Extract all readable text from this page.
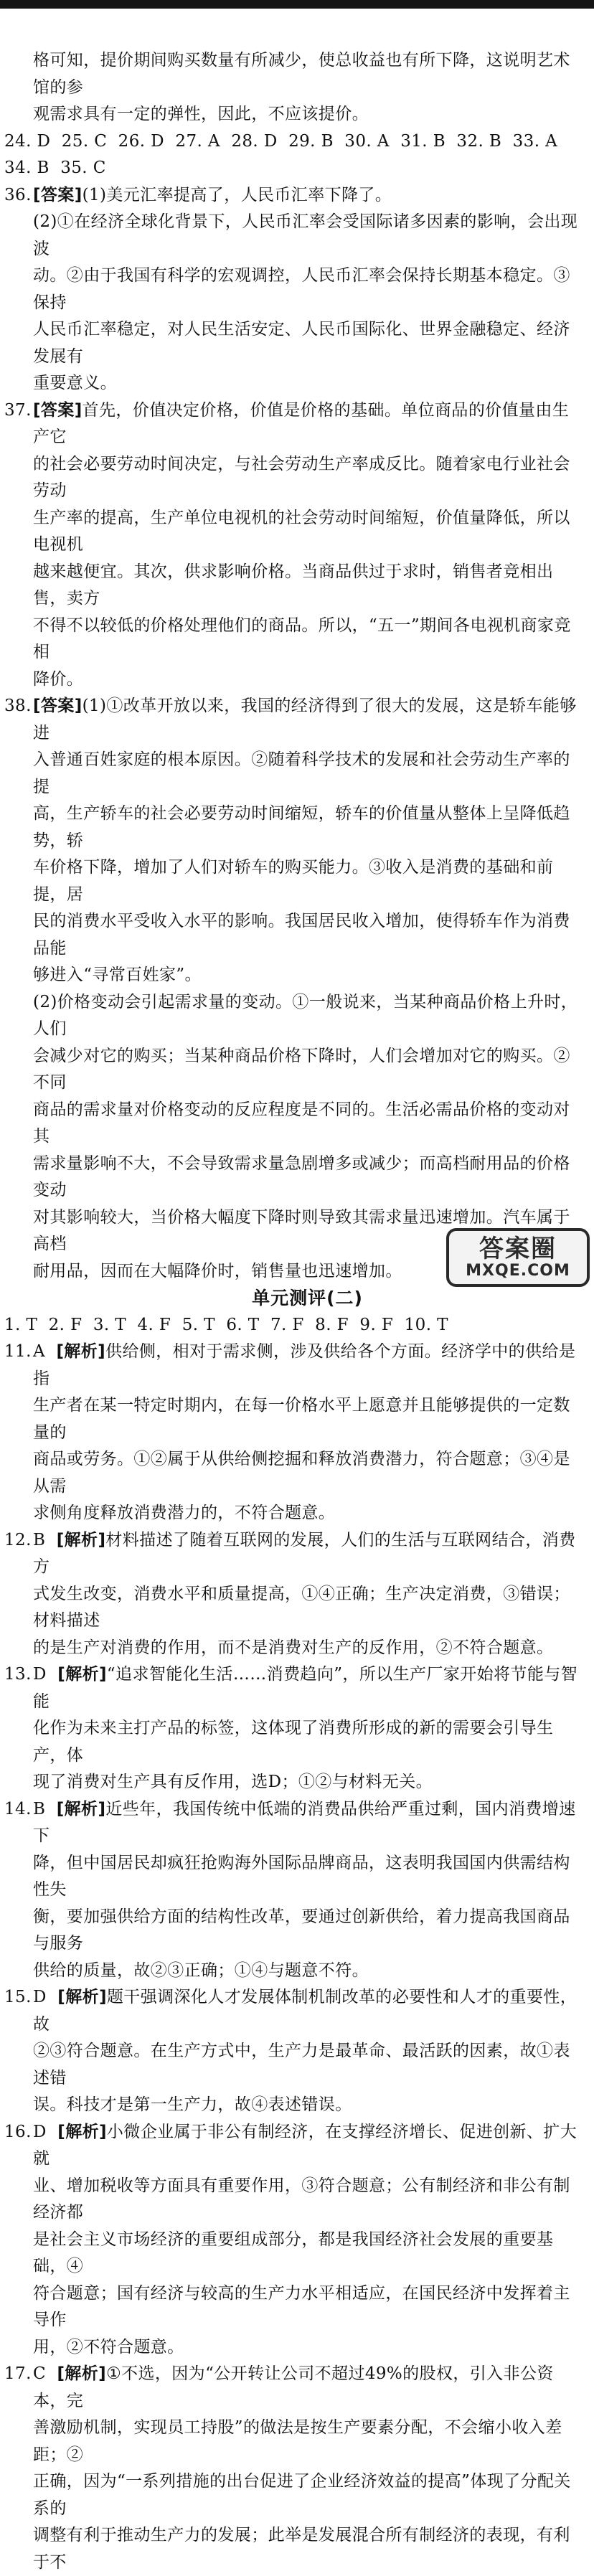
格可知，提价期间购买数量有所减少，使总收益也有所下降，这说明艺术馆的参
观需求具有一定的弹性，因此，不应该提价。
24. D  25. C  26. D  27. A  28. D  29. B  30. A  31. B  32. B  33. A
34. B  35. C
36. [答案](1)美元汇率提高了，人民币汇率下降了。
(2)①在经济全球化背景下，人民币汇率会受国际诸多因素的影响，会出现波
动。②由于我国有科学的宏观调控，人民币汇率会保持长期基本稳定。③保持
人民币汇率稳定，对人民生活安定、人民币国际化、世界金融稳定、经济发展有
重要意义。
37. [答案]首先，价值决定价格，价值是价格的基础。单位商品的价值量由生产它
的社会必要劳动时间决定，与社会劳动生产率成反比。随着家电行业社会劳动
生产率的提高，生产单位电视机的社会劳动时间缩短，价值量降低，所以电视机
越来越便宜。其次，供求影响价格。当商品供过于求时，销售者竞相出售，卖方
不得不以较低的价格处理他们的商品。所以，“五一”期间各电视机商家竞相
降价。
38. [答案](1)①改革开放以来，我国的经济得到了很大的发展，这是轿车能够进
入普通百姓家庭的根本原因。②随着科学技术的发展和社会劳动生产率的提
高，生产轿车的社会必要劳动时间缩短，轿车的价值量从整体上呈降低趋势，轿
车价格下降，增加了人们对轿车的购买能力。③收入是消费的基础和前提，居
民的消费水平受收入水平的影响。我国居民收入增加，使得轿车作为消费品能
够进入“寻常百姓家”。
(2)价格变动会引起需求量的变动。①一般说来，当某种商品价格上升时，人们
会减少对它的购买；当某种商品价格下降时，人们会增加对它的购买。②不同
商品的需求量对价格变动的反应程度是不同的。生活必需品价格的变动对其
需求量影响不大，不会导致需求量急剧增多或减少；而高档耐用品的价格变动
对其影响较大，当价格大幅度下降时则导致其需求量迅速增加。汽车属于高档
耐用品，因而在大幅降价时，销售量也迅速增加。
单元测评(二)
1. T  2. F  3. T  4. F  5. T  6. T  7. F  8. F  9. F  10. T
11. A [解析]供给侧，相对于需求侧，涉及供给各个方面。经济学中的供给是指
生产者在某一特定时期内，在每一价格水平上愿意并且能够提供的一定数量的
商品或劳务。①②属于从供给侧挖掘和释放消费潜力，符合题意；③④是从需
求侧角度释放消费潜力的，不符合题意。
12. B [解析]材料描述了随着互联网的发展，人们的生活与互联网结合，消费方
式发生改变，消费水平和质量提高，①④正确；生产决定消费，③错误；材料描述
的是生产对消费的作用，而不是消费对生产的反作用，②不符合题意。
13. D [解析]“追求智能化生活……消费趋向”，所以生产厂家开始将节能与智能
化作为未来主打产品的标签，这体现了消费所形成的新的需要会引导生产，体
现了消费对生产具有反作用，选D；①②与材料无关。
14. B [解析]近些年，我国传统中低端的消费品供给严重过剩，国内消费增速下
降，但中国居民却疯狂抢购海外国际品牌商品，这表明我国国内供需结构性失
衡，要加强供给方面的结构性改革，要通过创新供给，着力提高我国商品与服务
供给的质量，故②③正确；①④与题意不符。
15. D [解析]题干强调深化人才发展体制机制改革的必要性和人才的重要性，故
②③符合题意。在生产方式中，生产力是最革命、最活跃的因素，故①表述错
误。科技才是第一生产力，故④表述错误。
16. D [解析]小微企业属于非公有制经济，在支撑经济增长、促进创新、扩大就
业、增加税收等方面具有重要作用，③符合题意；公有制经济和非公有制经济都
是社会主义市场经济的重要组成部分，都是我国经济社会发展的重要基础，④
符合题意；国有经济与较高的生产力水平相适应，在国民经济中发挥着主导作
用，②不符合题意。
17. C [解析]①不选，因为“公开转让公司不超过49%的股权，引入非公资本，完
善激励机制，实现员工持股”的做法是按生产要素分配，不会缩小收入差距；②
正确，因为“一系列措施的出台促进了企业经济效益的提高”体现了分配关系的
调整有利于推动生产力的发展；此举是发展混合所有制经济的表现，有利于不
答案圈
MXQE.COM
